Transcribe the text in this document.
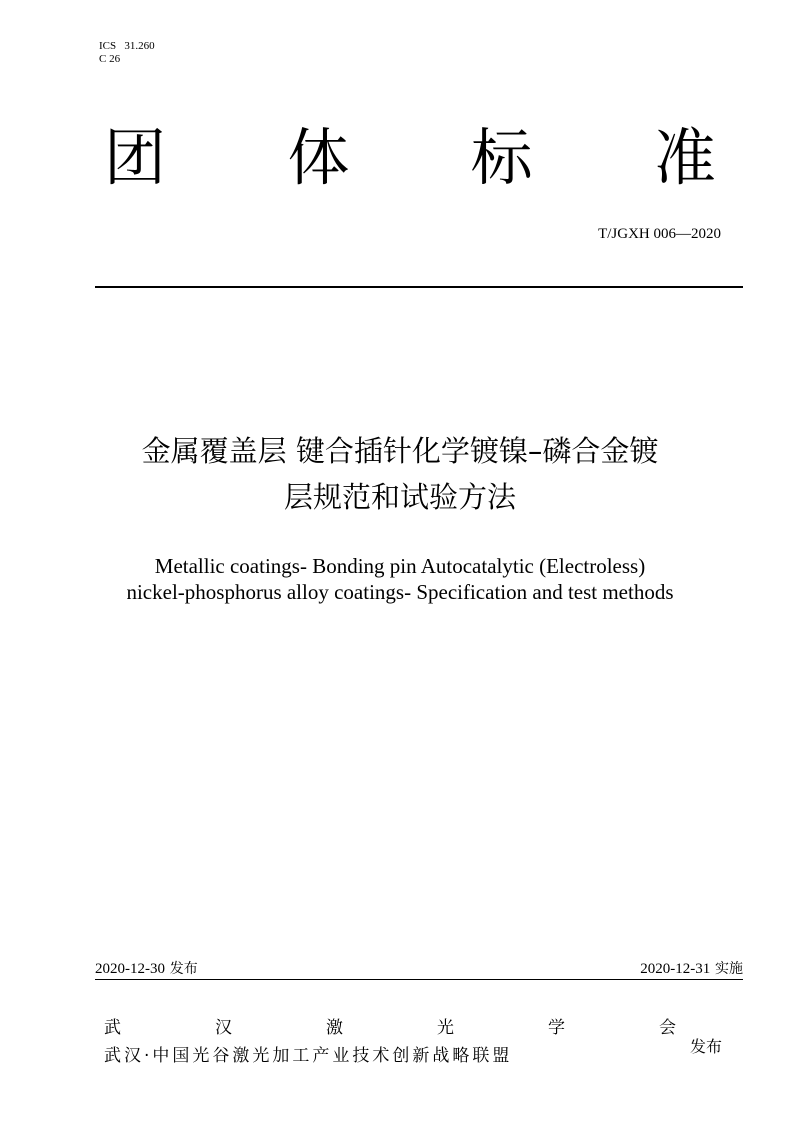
ICS   31.260
C 26
团 体 标 准
T/JGXH 006—2020
金属覆盖层 键合插针化学镀镍–磷合金镀
层规范和试验方法
Metallic coatings- Bonding pin Autocatalytic (Electroless)
nickel-phosphorus alloy coatings- Specification and test methods
2020-12-30 发布	2020-12-31 实施
武	汉	激	光	学	会
武汉·中国光谷激光加工产业技术创新战略联盟	发布
